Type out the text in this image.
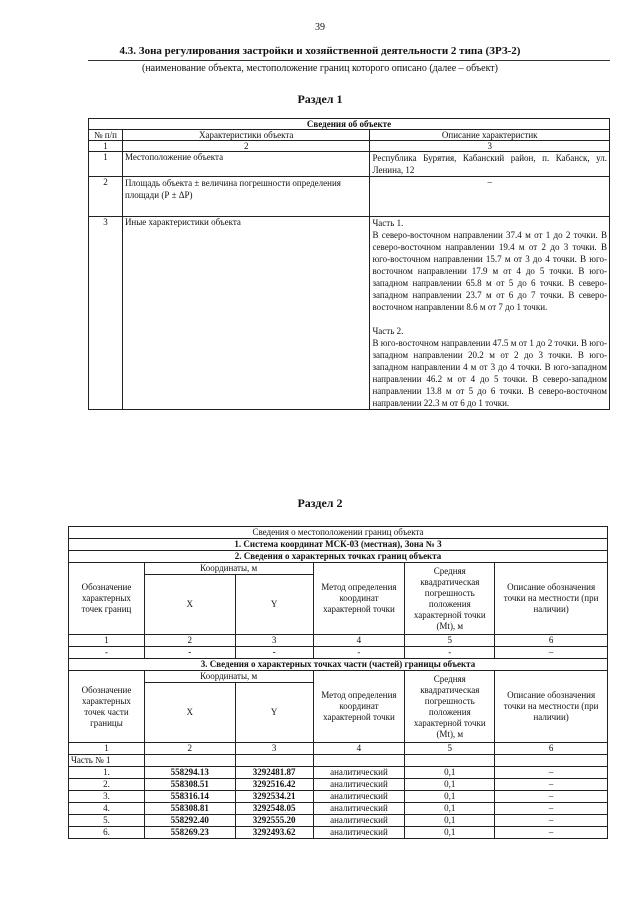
39
4.3. Зона регулирования застройки и хозяйственной деятельности 2 типа (ЗРЗ-2)
(наименование объекта, местоположение границ которого описано (далее – объект)
Раздел 1
Сведения об объекте		
№ п/п	Характеристики объекта	Описание характеристик
1	2	3
1	Местоположение объекта	Республика Бурятия, Кабанский район, п. Кабанск, ул. Ленина, 12
2	Площадь объекта ± величина погрешности определения площади (Р ± ΔР)	–
3	Иные характеристики объекта	Часть 1.
В северо-восточном направлении 37.4 м от 1 до 2 точки. В северо-восточном направлении 19.4 м от 2 до 3 точки. В юго-восточном направлении 15.7 м от 3 до 4 точки. В юго-восточном направлении 17.9 м от 4 до 5 точки. В юго-западном направлении 65.8 м от 5 до 6 точки. В северо-западном направлении 23.7 м от 6 до 7 точки. В северо-восточном направлении 8.6 м от 7 до 1 точки.
Часть 2.
В юго-восточном направлении 47.5 м от 1 до 2 точки. В юго-западном направлении 20.2 м от 2 до 3 точки. В юго-западном направлении 4 м от 3 до 4 точки. В юго-западном направлении 46.2 м от 4 до 5 точки. В северо-западном направлении 13.8 м от 5 до 6 точки. В северо-восточном направлении 22.3 м от 6 до 1 точки.
Раздел 2
Сведения о местоположении границ объекта					
1. Система координат МСК-03 (местная), Зона № 3					
2. Сведения о характерных точках границ объекта					
Обозначение характерных точек границ	Координаты, м		Метод определения координат характерной точки	Средняя квадратическая погрешность положения характерной точки (Мt), м	Описание обозначения точки на местности (при наличии)
	X	Y			
1	2	3	4	5	6
-	-	-	-	-	–
3. Сведения о характерных точках части (частей) границы объекта					
Обозначение характерных точек части границы	Координаты, м		Метод определения координат характерной точки	Средняя квадратическая погрешность положения характерной точки (Мt), м	Описание обозначения точки на местности (при наличии)
	X	Y			
1	2	3	4	5	6
Часть № 1					
1.	558294.13	3292481.87	аналитический	0,1	–
2.	558308.51	3292516.42	аналитический	0,1	–
3.	558316.14	3292534.21	аналитический	0,1	–
4.	558308.81	3292548.05	аналитический	0,1	–
5.	558292.40	3292555.20	аналитический	0,1	–
6.	558269.23	3292493.62	аналитический	0,1	–
